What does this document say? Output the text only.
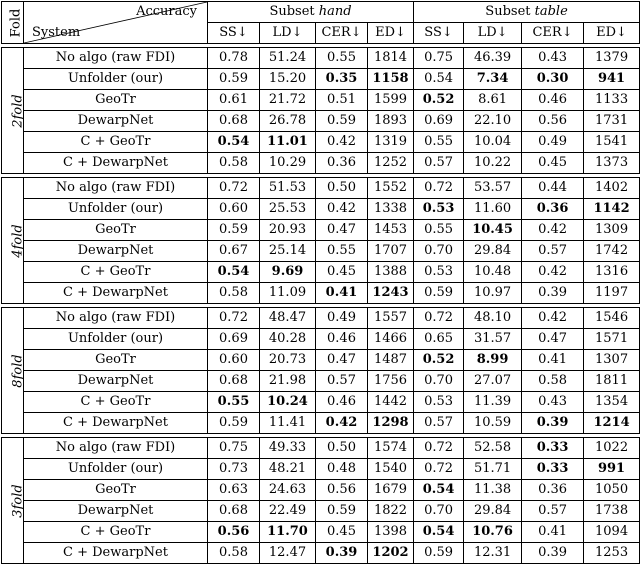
Fold	Accuracy
System	Subset hand				Subset table			
		SS↓	LD↓	CER↓	ED↓	SS↓	LD↓	CER↓	ED↓

2fold	No algo (raw FDI)	0.78	51.24	0.55	1814	0.75	46.39	0.43	1379
	Unfolder (our)	0.59	15.20	0.35	1158	0.54	7.34	0.30	941
	GeoTr	0.61	21.72	0.51	1599	0.52	8.61	0.46	1133
	DewarpNet	0.68	26.78	0.59	1893	0.69	22.10	0.56	1731
	C + GeoTr	0.54	11.01	0.42	1319	0.55	10.04	0.49	1541
	C + DewarpNet	0.58	10.29	0.36	1252	0.57	10.22	0.45	1373

4fold	No algo (raw FDI)	0.72	51.53	0.50	1552	0.72	53.57	0.44	1402
	Unfolder (our)	0.60	25.53	0.42	1338	0.53	11.60	0.36	1142
	GeoTr	0.59	20.93	0.47	1453	0.55	10.45	0.42	1309
	DewarpNet	0.67	25.14	0.55	1707	0.70	29.84	0.57	1742
	C + GeoTr	0.54	9.69	0.45	1388	0.53	10.48	0.42	1316
	C + DewarpNet	0.58	11.09	0.41	1243	0.59	10.97	0.39	1197

8fold	No algo (raw FDI)	0.72	48.47	0.49	1557	0.72	48.10	0.42	1546
	Unfolder (our)	0.69	40.28	0.46	1466	0.65	31.57	0.47	1571
	GeoTr	0.60	20.73	0.47	1487	0.52	8.99	0.41	1307
	DewarpNet	0.68	21.98	0.57	1756	0.70	27.07	0.58	1811
	C + GeoTr	0.55	10.24	0.46	1442	0.53	11.39	0.43	1354
	C + DewarpNet	0.59	11.41	0.42	1298	0.57	10.59	0.39	1214

3fold	No algo (raw FDI)	0.75	49.33	0.50	1574	0.72	52.58	0.33	1022
	Unfolder (our)	0.73	48.21	0.48	1540	0.72	51.71	0.33	991
	GeoTr	0.63	24.63	0.56	1679	0.54	11.38	0.36	1050
	DewarpNet	0.68	22.49	0.59	1822	0.70	29.84	0.57	1738
	C + GeoTr	0.56	11.70	0.45	1398	0.54	10.76	0.41	1094
	C + DewarpNet	0.58	12.47	0.39	1202	0.59	12.31	0.39	1253
